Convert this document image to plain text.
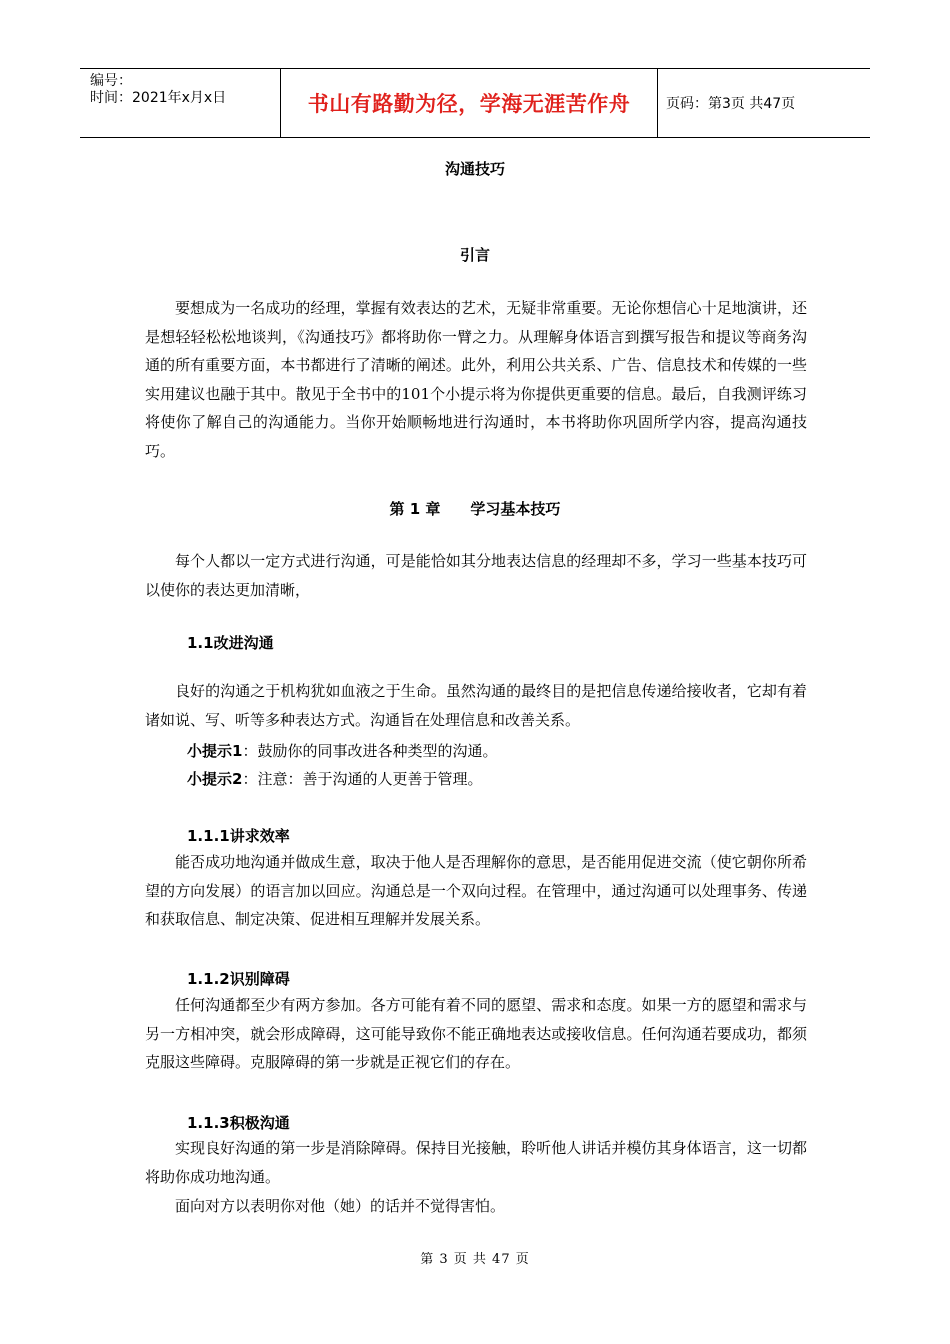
编号：
时间：2021年x月x日	书山有路勤为径，学海无涯苦作舟	页码：第3页 共47页
沟通技巧
引言

要想成为一名成功的经理，掌握有效表达的艺术，无疑非常重要。无论你想信心十足地演讲，还是想轻轻松松地谈判，《沟通技巧》都将助你一臂之力。从理解身体语言到撰写报告和提议等商务沟通的所有重要方面，本书都进行了清晰的阐述。此外，利用公共关系、广告、信息技术和传媒的一些实用建议也融于其中。散见于全书中的101个小提示将为你提供更重要的信息。最后，自我测评练习将使你了解自己的沟通能力。当你开始顺畅地进行沟通时，本书将助你巩固所学内容，提高沟通技巧。

第 1 章　　学习基本技巧

每个人都以一定方式进行沟通，可是能恰如其分地表达信息的经理却不多，学习一些基本技巧可以使你的表达更加清晰，

1.1改进沟通

良好的沟通之于机构犹如血液之于生命。虽然沟通的最终目的是把信息传递给接收者，它却有着诸如说、写、听等多种表达方式。沟通旨在处理信息和改善关系。

小提示1：鼓励你的同事改进各种类型的沟通。
小提示2：注意：善于沟通的人更善于管理。
1.1.1讲求效率

能否成功地沟通并做成生意，取决于他人是否理解你的意思，是否能用促进交流（使它朝你所希望的方向发展）的语言加以回应。沟通总是一个双向过程。在管理中，通过沟通可以处理事务、传递和获取信息、制定决策、促进相互理解并发展关系。

1.1.2识别障碍

任何沟通都至少有两方参加。各方可能有着不同的愿望、需求和态度。如果一方的愿望和需求与另一方相冲突，就会形成障碍，这可能导致你不能正确地表达或接收信息。任何沟通若要成功，都须克服这些障碍。克服障碍的第一步就是正视它们的存在。

1.1.3积极沟通

实现良好沟通的第一步是消除障碍。保持目光接触，聆听他人讲话并模仿其身体语言，这一切都将助你成功地沟通。

面向对方以表明你对他（她）的话并不觉得害怕。

第 3 页 共 47 页
